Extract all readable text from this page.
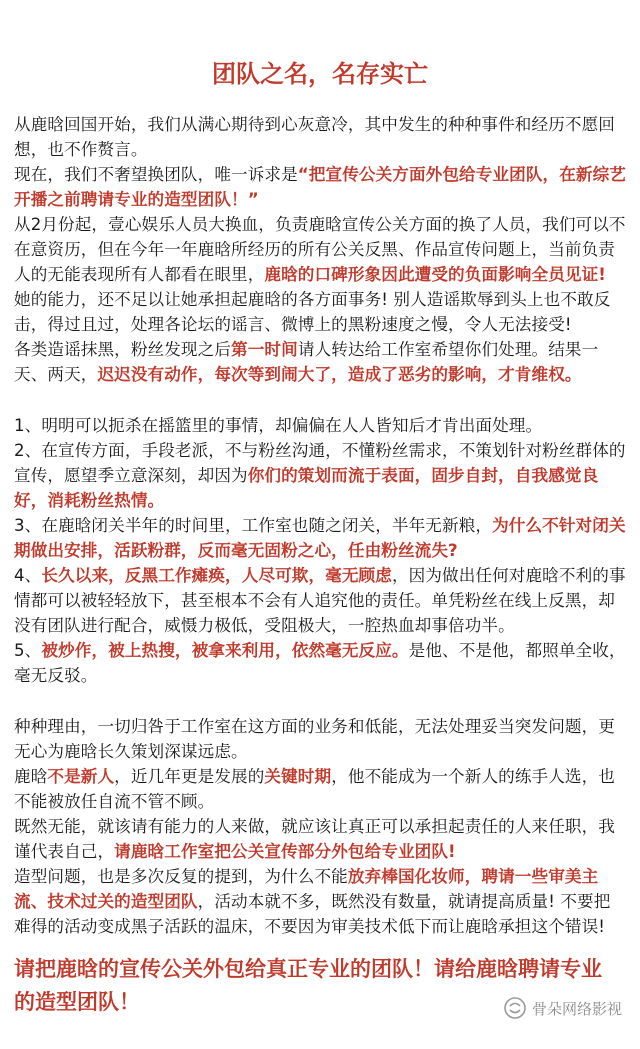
团队之名，名存实亡

从鹿晗回国开始，我们从满心期待到心灰意冷，其中发生的种种事件和经历不愿回想，也不作赘言。

现在，我们不奢望换团队，唯一诉求是“把宣传公关方面外包给专业团队，在新综艺开播之前聘请专业的造型团队！”

从2月份起，壹心娱乐人员大换血，负责鹿晗宣传公关方面的换了人员，我们可以不在意资历，但在今年一年鹿晗所经历的所有公关反黑、作品宣传问题上，当前负责人的无能表现所有人都看在眼里，鹿晗的口碑形象因此遭受的负面影响全员见证!

她的能力，还不足以让她承担起鹿晗的各方面事务! 别人造谣欺辱到头上也不敢反击，得过且过，处理各论坛的谣言、微博上的黑粉速度之慢，令人无法接受!

各类造谣抹黑，粉丝发现之后第一时间请人转达给工作室希望你们处理。结果一天、两天，迟迟没有动作，每次等到闹大了，造成了恶劣的影响，才肯维权。

1、明明可以扼杀在摇篮里的事情，却偏偏在人人皆知后才肯出面处理。

2、在宣传方面，手段老派，不与粉丝沟通，不懂粉丝需求，不策划针对粉丝群体的宣传，愿望季立意深刻，却因为你们的策划而流于表面，固步自封，自我感觉良好，消耗粉丝热情。

3、在鹿晗闭关半年的时间里，工作室也随之闭关，半年无新粮，为什么不针对闭关期做出安排，活跃粉群，反而毫无固粉之心，任由粉丝流失?

4、长久以来，反黑工作瘫痪，人尽可欺，毫无顾虑，因为做出任何对鹿晗不利的事情都可以被轻轻放下，甚至根本不会有人追究他的责任。单凭粉丝在线上反黑，却没有团队进行配合，威慑力极低，受阻极大，一腔热血却事倍功半。

5、被炒作，被上热搜，被拿来利用，依然毫无反应。是他、不是他，都照单全收，毫无反驳。

种种理由，一切归咎于工作室在这方面的业务和低能，无法处理妥当突发问题，更无心为鹿晗长久策划深谋远虑。

鹿晗不是新人，近几年更是发展的关键时期，他不能成为一个新人的练手人选，也不能被放任自流不管不顾。

既然无能，就该请有能力的人来做，就应该让真正可以承担起责任的人来任职，我谨代表自己，请鹿晗工作室把公关宣传部分外包给专业团队!

造型问题，也是多次反复的提到，为什么不能放弃棒国化妆师，聘请一些审美主流、技术过关的造型团队，活动本就不多，既然没有数量，就请提高质量! 不要把难得的活动变成黑子活跃的温床，不要因为审美技术低下而让鹿晗承担这个错误!

请把鹿晗的宣传公关外包给真正专业的团队！请给鹿晗聘请专业的造型团队！	骨朵网络影视
